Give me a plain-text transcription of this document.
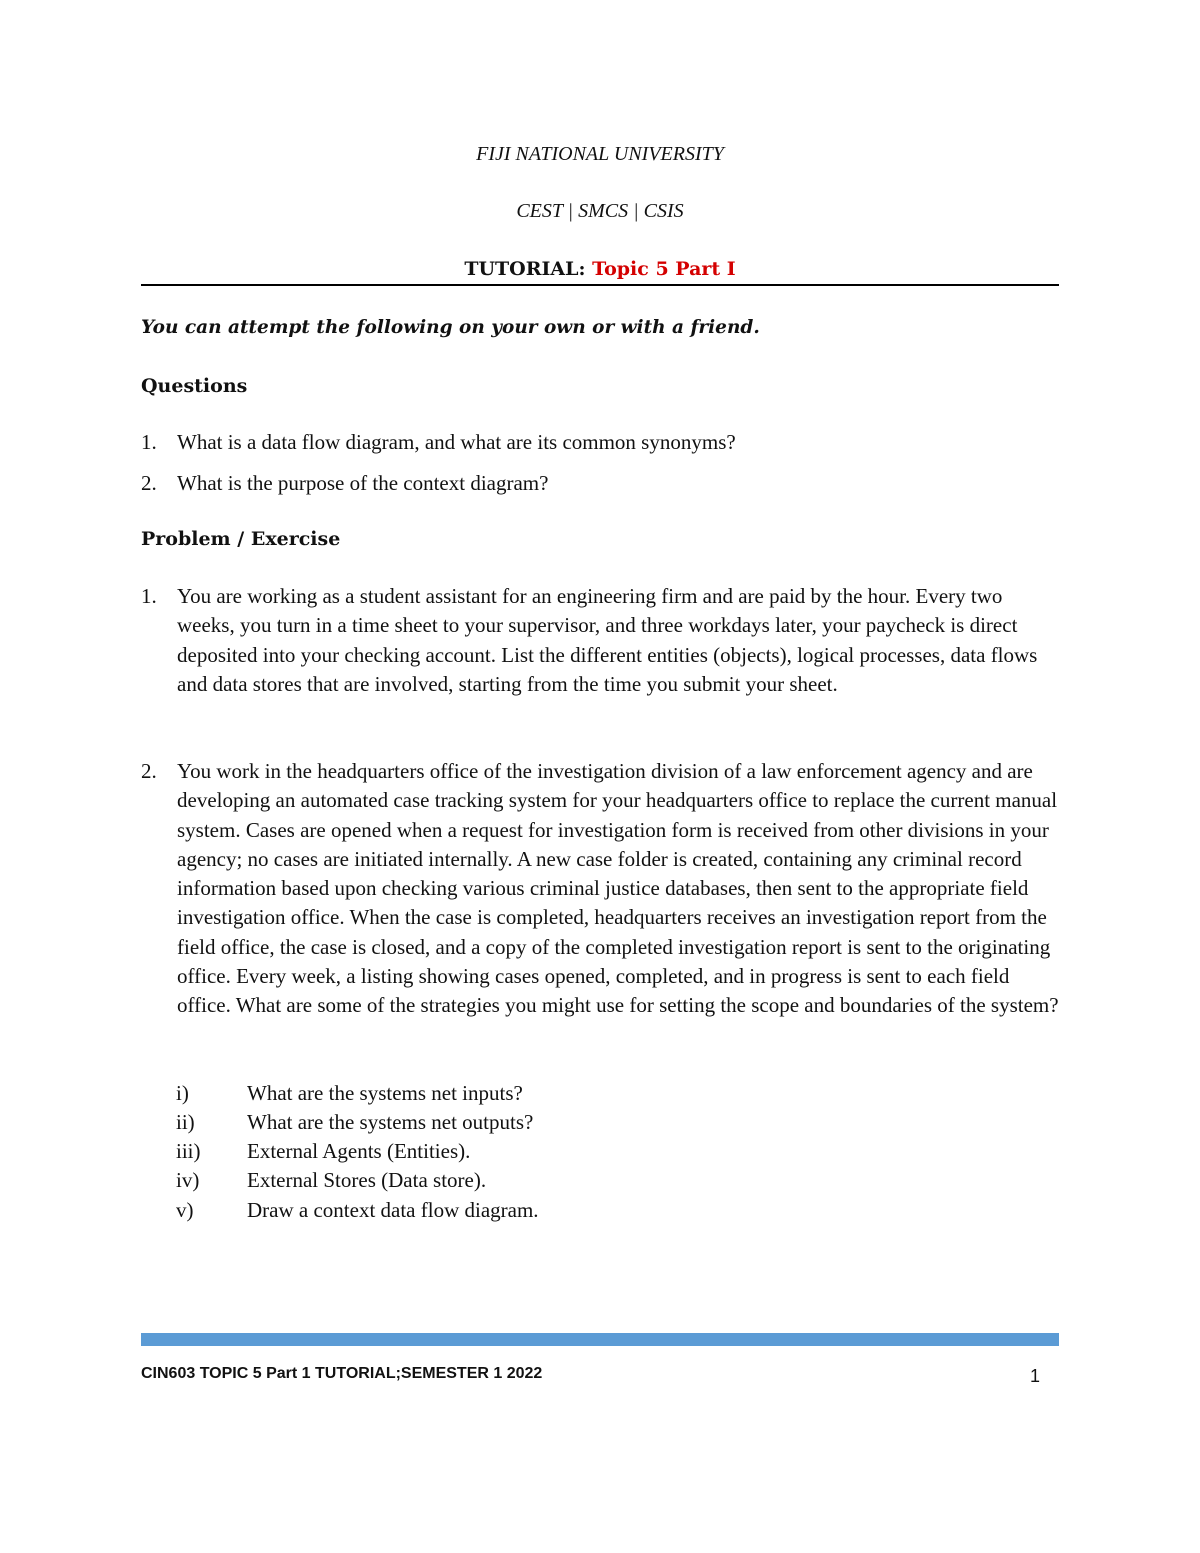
FIJI NATIONAL UNIVERSITY
CEST | SMCS | CSIS
TUTORIAL: Topic 5 Part I
You can attempt the following on your own or with a friend.
Questions
1. What is a data flow diagram, and what are its common synonyms?
2. What is the purpose of the context diagram?
Problem / Exercise
1. You are working as a student assistant for an engineering firm and are paid by the hour. Every two weeks, you turn in a time sheet to your supervisor, and three workdays later, your paycheck is direct deposited into your checking account. List the different entities (objects), logical processes, data flows and data stores that are involved, starting from the time you submit your sheet.
2. You work in the headquarters office of the investigation division of a law enforcement agency and are developing an automated case tracking system for your headquarters office to replace the current manual system. Cases are opened when a request for investigation form is received from other divisions in your agency; no cases are initiated internally. A new case folder is created, containing any criminal record information based upon checking various criminal justice databases, then sent to the appropriate field investigation office. When the case is completed, headquarters receives an investigation report from the field office, the case is closed, and a copy of the completed investigation report is sent to the originating office. Every week, a listing showing cases opened, completed, and in progress is sent to each field office. What are some of the strategies you might use for setting the scope and boundaries of the system?
i)	What are the systems net inputs?
ii) What are the systems net outputs?
iii) External Agents (Entities).
iv) External Stores (Data store).
v)	Draw a context data flow diagram.
CIN603 TOPIC 5 Part 1 TUTORIAL;SEMESTER 1 2022	1
